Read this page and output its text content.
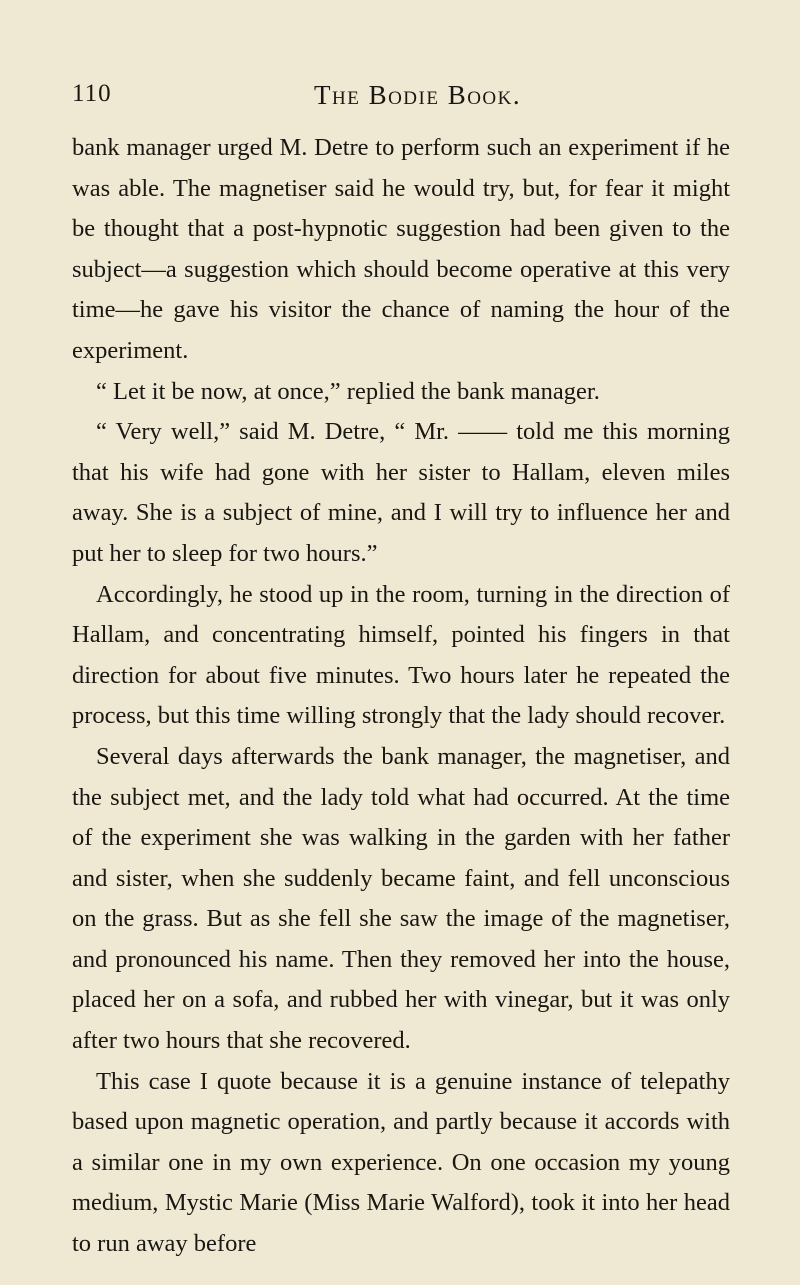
110	The Bodie Book.

bank manager urged M. Detre to perform such an experiment if he was able. The magnetiser said he would try, but, for fear it might be thought that a post-hypnotic suggestion had been given to the subject—a suggestion which should become operative at this very time—he gave his visitor the chance of naming the hour of the experiment.

“ Let it be now, at once,” replied the bank manager.

“ Very well,” said M. Detre, “ Mr. —— told me this morning that his wife had gone with her sister to Hallam, eleven miles away. She is a subject of mine, and I will try to influence her and put her to sleep for two hours.”

Accordingly, he stood up in the room, turning in the direction of Hallam, and concentrating himself, pointed his fingers in that direction for about five minutes. Two hours later he repeated the process, but this time willing strongly that the lady should recover.

Several days afterwards the bank manager, the magnetiser, and the subject met, and the lady told what had occurred. At the time of the experiment she was walking in the garden with her father and sister, when she suddenly became faint, and fell unconscious on the grass. But as she fell she saw the image of the magnetiser, and pronounced his name. Then they removed her into the house, placed her on a sofa, and rubbed her with vinegar, but it was only after two hours that she recovered.

This case I quote because it is a genuine instance of telepathy based upon magnetic operation, and partly because it accords with a similar one in my own experience. On one occasion my young medium, Mystic Marie (Miss Marie Walford), took it into her head to run away before
